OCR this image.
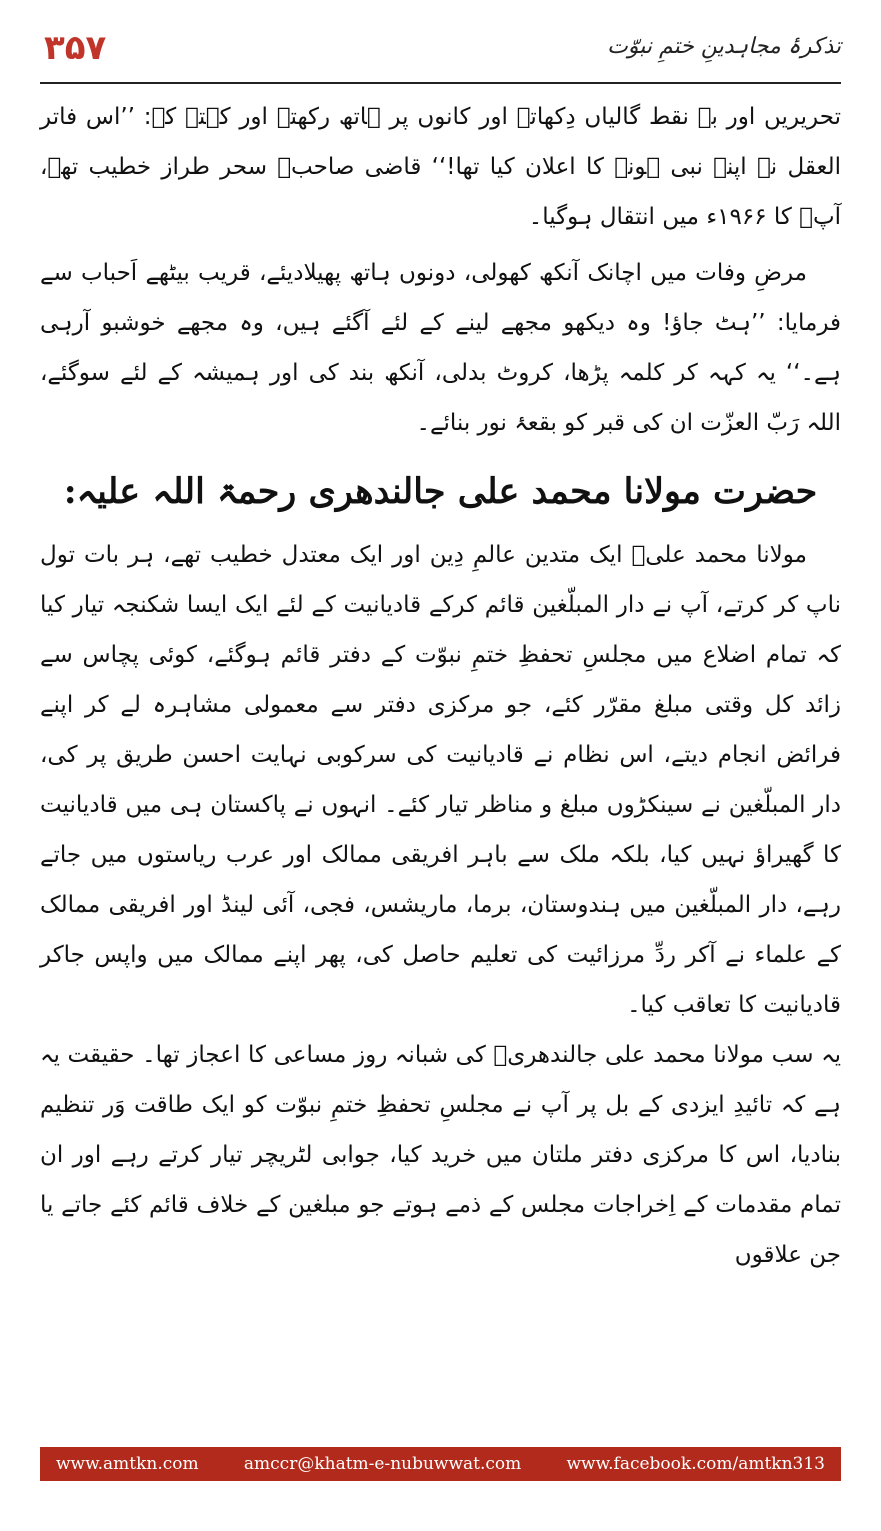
۳۵۷	تذکرۂ مجاہدینِ ختمِ نبوّت

تحریریں اور بے نقط گالیاں دِکھاتے اور کانوں پر ہاتھ رکھتے اور کہتے کہ: ’’اس فاتر العقل نے اپنے نبی ہونے کا اعلان کیا تھا!‘‘ قاضی صاحبؒ سحر طراز خطیب تھے، آپؒ کا ۱۹۶۶ء میں انتقال ہوگیا۔

مرضِ وفات میں اچانک آنکھ کھولی، دونوں ہاتھ پھیلادیئے، قریب بیٹھے اَحباب سے فرمایا: ’’ہٹ جاؤ! وہ دیکھو مجھے لینے کے لئے آگئے ہیں، وہ مجھے خوشبو آرہی ہے۔‘‘ یہ کہہ کر کلمہ پڑھا، کروٹ بدلی، آنکھ بند کی اور ہمیشہ کے لئے سوگئے، اللہ رَبّ العزّت ان کی قبر کو بقعۂ نور بنائے۔

حضرت مولانا محمد علی جالندھری رحمۃ اللہ علیہ:

مولانا محمد علیؒ ایک متدین عالمِ دِین اور ایک معتدل خطیب تھے، ہر بات تول ناپ کر کرتے، آپ نے دار المبلّغین قائم کرکے قادیانیت کے لئے ایک ایسا شکنجہ تیار کیا کہ تمام اضلاع میں مجلسِ تحفظِ ختمِ نبوّت کے دفتر قائم ہوگئے، کوئی پچاس سے زائد کل وقتی مبلغ مقرّر کئے، جو مرکزی دفتر سے معمولی مشاہرہ لے کر اپنے فرائض انجام دیتے، اس نظام نے قادیانیت کی سرکوبی نہایت احسن طریق پر کی، دار المبلّغین نے سینکڑوں مبلغ و مناظر تیار کئے۔ انہوں نے پاکستان ہی میں قادیانیت کا گھیراؤ نہیں کیا، بلکہ ملک سے باہر افریقی ممالک اور عرب ریاستوں میں جاتے رہے، دار المبلّغین میں ہندوستان، برما، ماریشس، فجی، آئی لینڈ اور افریقی ممالک کے علماء نے آکر ردِّ مرزائیت کی تعلیم حاصل کی، پھر اپنے ممالک میں واپس جاکر قادیانیت کا تعاقب کیا۔

یہ سب مولانا محمد علی جالندھریؒ کی شبانہ روز مساعی کا اعجاز تھا۔ حقیقت یہ ہے کہ تائیدِ ایزدی کے بل پر آپ نے مجلسِ تحفظِ ختمِ نبوّت کو ایک طاقت وَر تنظیم بنادیا، اس کا مرکزی دفتر ملتان میں خرید کیا، جوابی لٹریچر تیار کرتے رہے اور ان تمام مقدمات کے اِخراجات مجلس کے ذمے ہوتے جو مبلغین کے خلاف قائم کئے جاتے یا جن علاقوں

www.amtkn.com	amccr@khatm-e-nubuwwat.com	www.facebook.com/amtkn313
